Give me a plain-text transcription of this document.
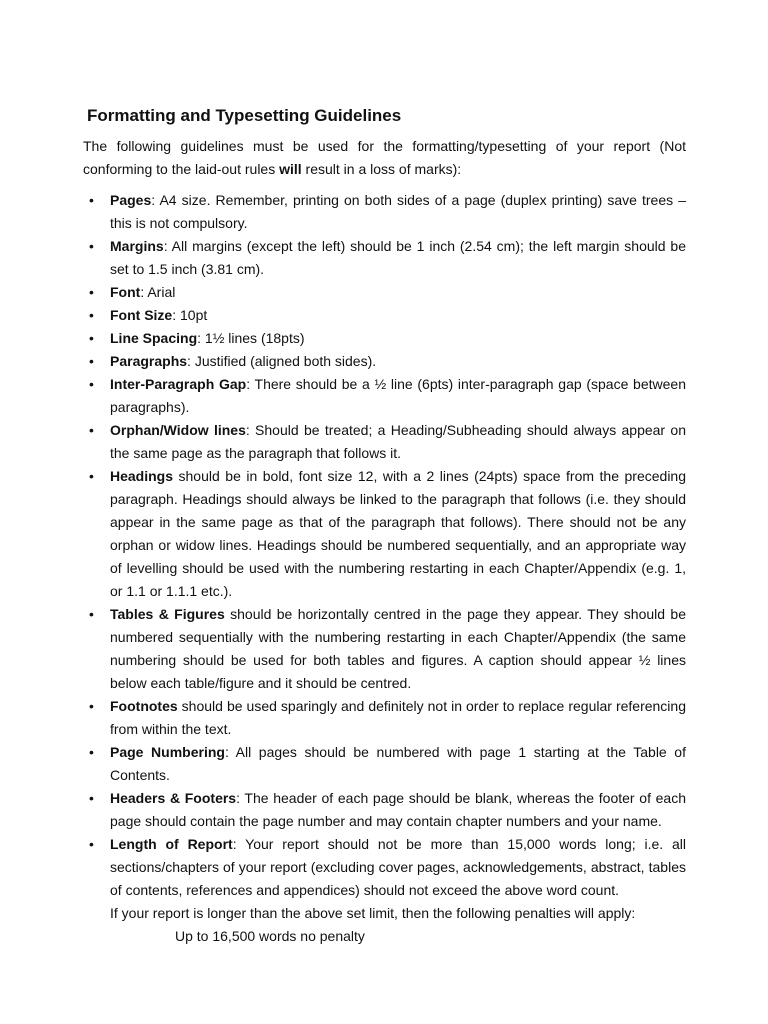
Formatting and Typesetting Guidelines

The following guidelines must be used for the formatting/typesetting of your report (Not conforming to the laid-out rules will result in a loss of marks):

• Pages: A4 size. Remember, printing on both sides of a page (duplex printing) save trees – this is not compulsory.
• Margins: All margins (except the left) should be 1 inch (2.54 cm); the left margin should be set to 1.5 inch (3.81 cm).
• Font: Arial
• Font Size: 10pt
• Line Spacing: 1½ lines (18pts)
• Paragraphs: Justified (aligned both sides).
• Inter-Paragraph Gap: There should be a ½ line (6pts) inter-paragraph gap (space between paragraphs).
• Orphan/Widow lines: Should be treated; a Heading/Subheading should always appear on the same page as the paragraph that follows it.
• Headings should be in bold, font size 12, with a 2 lines (24pts) space from the preceding paragraph. Headings should always be linked to the paragraph that follows (i.e. they should appear in the same page as that of the paragraph that follows). There should not be any orphan or widow lines. Headings should be numbered sequentially, and an appropriate way of levelling should be used with the numbering restarting in each Chapter/Appendix (e.g. 1, or 1.1 or 1.1.1 etc.).
• Tables & Figures should be horizontally centred in the page they appear. They should be numbered sequentially with the numbering restarting in each Chapter/Appendix (the same numbering should be used for both tables and figures. A caption should appear ½ lines below each table/figure and it should be centred.
• Footnotes should be used sparingly and definitely not in order to replace regular referencing from within the text.
• Page Numbering: All pages should be numbered with page 1 starting at the Table of Contents.
• Headers & Footers: The header of each page should be blank, whereas the footer of each page should contain the page number and may contain chapter numbers and your name.
• Length of Report: Your report should not be more than 15,000 words long; i.e. all sections/chapters of your report (excluding cover pages, acknowledgements, abstract, tables of contents, references and appendices) should not exceed the above word count.
If your report is longer than the above set limit, then the following penalties will apply:
Up to 16,500 words no penalty
